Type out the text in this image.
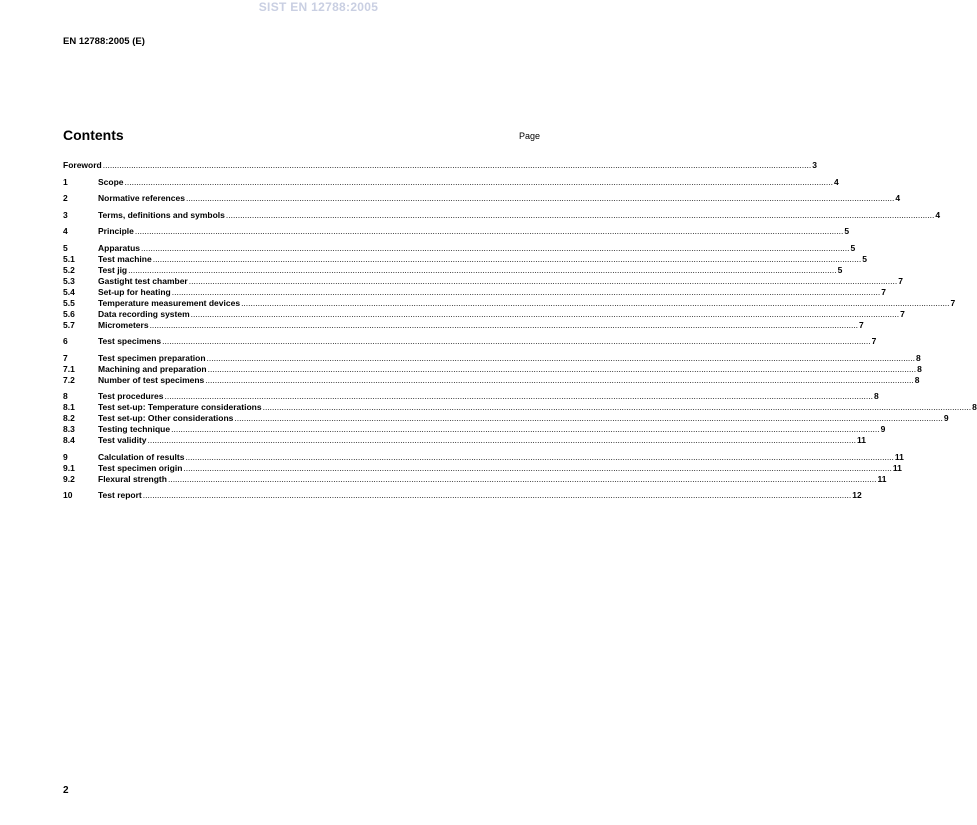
SIST EN 12788:2005
EN 12788:2005 (E)
Contents	Page
Foreword ............................................................................................................................................................................................................................................................................................................ 3
1	Scope ............................................................................................................................................................................................................................................................................................................ 4
2	Normative references ............................................................................................................................................................................................................................................................................................................ 4
3	Terms, definitions and symbols ............................................................................................................................................................................................................................................................................................................ 4
4	Principle ............................................................................................................................................................................................................................................................................................................ 5
5	Apparatus ............................................................................................................................................................................................................................................................................................................ 5
5.1	Test machine ............................................................................................................................................................................................................................................................................................................ 5
5.2	Test jig ............................................................................................................................................................................................................................................................................................................ 5
5.3	Gastight test chamber ............................................................................................................................................................................................................................................................................................................ 7
5.4	Set-up for heating ............................................................................................................................................................................................................................................................................................................ 7
5.5	Temperature measurement devices ............................................................................................................................................................................................................................................................................................................ 7
5.6	Data recording system ............................................................................................................................................................................................................................................................................................................ 7
5.7	Micrometers ............................................................................................................................................................................................................................................................................................................ 7
6	Test specimens ............................................................................................................................................................................................................................................................................................................ 7
7	Test specimen preparation ............................................................................................................................................................................................................................................................................................................ 8
7.1	Machining and preparation ............................................................................................................................................................................................................................................................................................................ 8
7.2	Number of test specimens ............................................................................................................................................................................................................................................................................................................ 8
8	Test procedures ............................................................................................................................................................................................................................................................................................................ 8
8.1	Test set-up: Temperature considerations ............................................................................................................................................................................................................................................................................................................ 8
8.2	Test set-up: Other considerations ............................................................................................................................................................................................................................................................................................................ 9
8.3	Testing technique ............................................................................................................................................................................................................................................................................................................ 9
8.4	Test validity ............................................................................................................................................................................................................................................................................................................ 11
9	Calculation of results ............................................................................................................................................................................................................................................................................................................ 11
9.1	Test specimen origin ............................................................................................................................................................................................................................................................................................................ 11
9.2	Flexural strength ............................................................................................................................................................................................................................................................................................................ 11
10	Test report ............................................................................................................................................................................................................................................................................................................ 12
2
